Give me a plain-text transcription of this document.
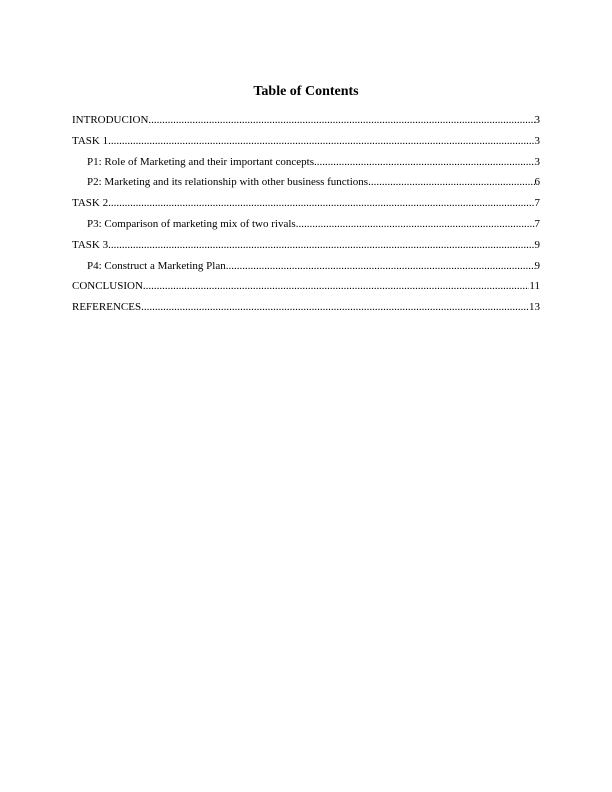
Table of Contents
INTRODUCION .....	3
TASK 1 .....	3
P1: Role of Marketing and their important concepts .....	3
P2: Marketing and its relationship with other business functions .....	6
TASK 2 .....	7
P3: Comparison of marketing mix of two rivals .....	7
TASK 3 .....	9
P4: Construct a Marketing Plan .....	9
CONCLUSION .....	11
REFERENCES .....	13
